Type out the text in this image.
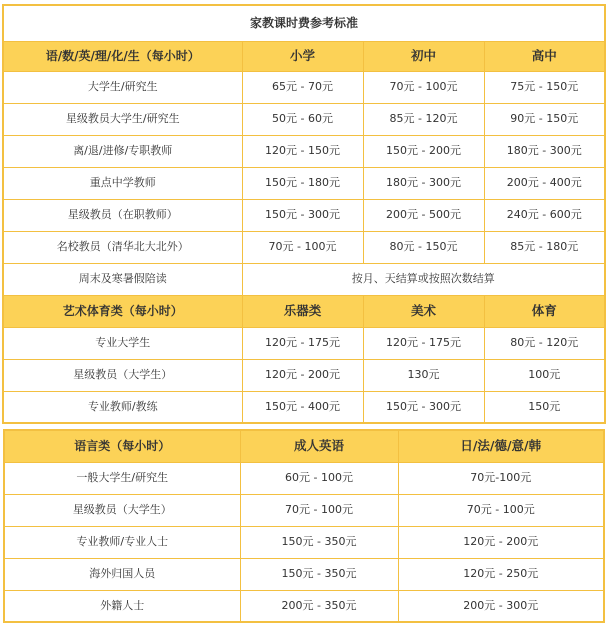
家教课时费参考标准			
语/数/英/理/化/生（每小时）	小学	初中	高中
大学生/研究生	65元 - 70元	70元 - 100元	75元 - 150元
星级教员大学生/研究生	50元 - 60元	85元 - 120元	90元 - 150元
离/退/进修/专职教师	120元 - 150元	150元 - 200元	180元 - 300元
重点中学教师	150元 - 180元	180元 - 300元	200元 - 400元
星级教员（在职教师）	150元 - 300元	200元 - 500元	240元 - 600元
名校教员（清华北大北外）	70元 - 100元	80元 - 150元	85元 - 180元
周末及寒暑假陪读	按月、天结算或按照次数结算		
艺术体育类（每小时）	乐器类	美术	体育
专业大学生	120元 - 175元	120元 - 175元	80元 - 120元
星级教员（大学生）	120元 - 200元	130元	100元
专业教师/教练	150元 - 400元	150元 - 300元	150元
语言类（每小时）	成人英语	日/法/德/意/韩
一般大学生/研究生	60元 - 100元	70元-100元
星级教员（大学生）	70元 - 100元	70元 - 100元
专业教师/专业人士	150元 - 350元	120元 - 200元
海外归国人员	150元 - 350元	120元 - 250元
外籍人士	200元 - 350元	200元 - 300元
